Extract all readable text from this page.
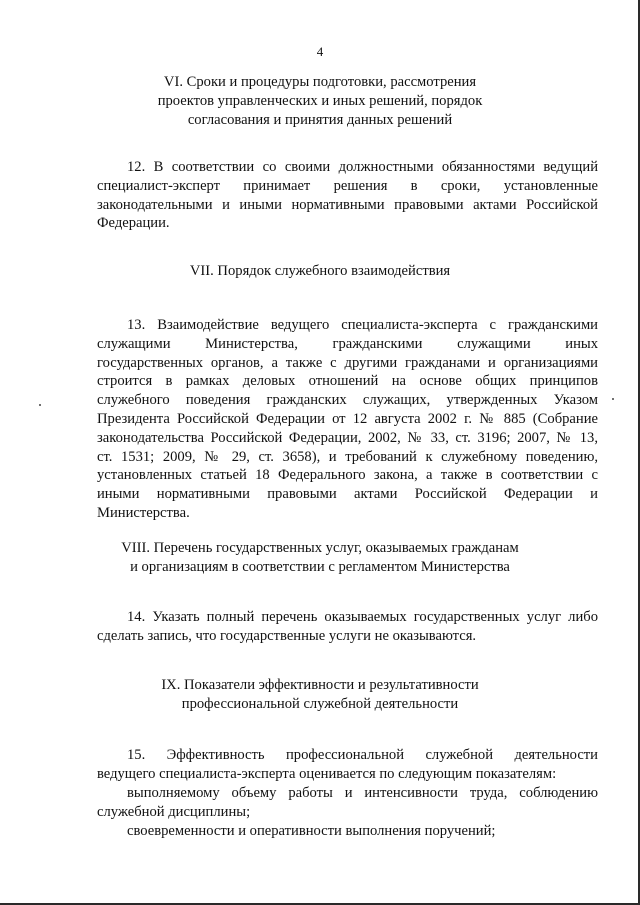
4
VI. Сроки и процедуры подготовки, рассмотрения
проектов управленческих и иных решений, порядок
согласования и принятия данных решений
12. В соответствии со своими должностными обязанностями ведущий
специалист-эксперт принимает решения в сроки, установленные
законодательными и иными нормативными правовыми актами Российской
Федерации.
VII. Порядок служебного взаимодействия
13. Взаимодействие ведущего специалиста-эксперта с гражданскими
служащими Министерства, гражданскими служащими иных
государственных органов, а также с другими гражданами и организациями
строится в рамках деловых отношений на основе общих принципов
служебного поведения гражданских служащих, утвержденных Указом
Президента Российской Федерации от 12 августа 2002 г. № 885 (Собрание
законодательства Российской Федерации, 2002, № 33, ст. 3196; 2007, № 13,
ст. 1531; 2009, № 29, ст. 3658), и требований к служебному поведению,
установленных статьей 18 Федерального закона, а также в соответствии с
иными нормативными правовыми актами Российской Федерации и
Министерства.
VIII. Перечень государственных услуг, оказываемых гражданам
и организациям в соответствии с регламентом Министерства
14. Указать полный перечень оказываемых государственных услуг либо
сделать запись, что государственные услуги не оказываются.
IX. Показатели эффективности и результативности
профессиональной служебной деятельности
15. Эффективность профессиональной служебной деятельности
ведущего специалиста-эксперта оценивается по следующим показателям:
выполняемому объему работы и интенсивности труда, соблюдению
служебной дисциплины;
своевременности и оперативности выполнения поручений;
